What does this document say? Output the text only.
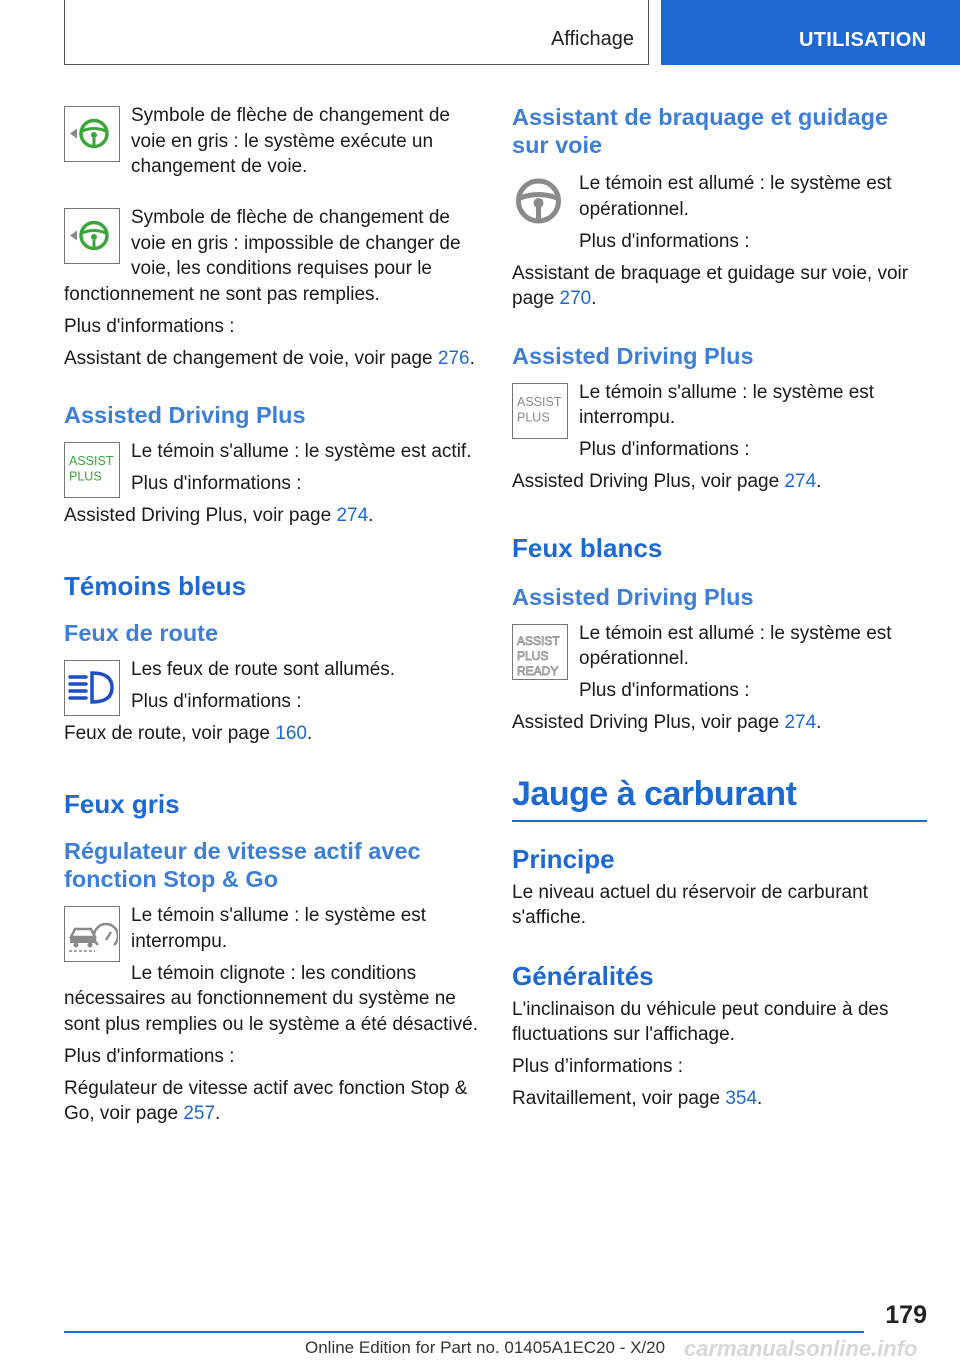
Affichage	UTILISATION

Symbole de flèche de changement de voie en gris : le système exécute un changement de voie.

Symbole de flèche de changement de voie en gris : impossible de changer de voie, les conditions requises pour le fonctionnement ne sont pas remplies.

Plus d'informations :

Assistant de changement de voie, voir page 276.

Assisted Driving Plus
ASSIST PLUS

Le témoin s'allume : le système est actif.

Plus d'informations :

Assisted Driving Plus, voir page 274.

Témoins bleus
Feux de route

Les feux de route sont allumés.

Plus d'informations :

Feux de route, voir page 160.

Feux gris
Régulateur de vitesse actif avec fonction Stop & Go

Le témoin s'allume : le système est interrompu.

Le témoin clignote : les conditions nécessaires au fonctionnement du système ne sont plus remplies ou le système a été désactivé.

Plus d'informations :

Régulateur de vitesse actif avec fonction Stop & Go, voir page 257.

Assistant de braquage et guidage sur voie

Le témoin est allumé : le système est opérationnel.

Plus d'informations :

Assistant de braquage et guidage sur voie, voir page 270.

Assisted Driving Plus
ASSIST PLUS

Le témoin s'allume : le système est interrompu.

Plus d'informations :

Assisted Driving Plus, voir page 274.

Feux blancs
Assisted Driving Plus
ASSIST PLUS READY

Le témoin est allumé : le système est opérationnel.

Plus d'informations :

Assisted Driving Plus, voir page 274.

Jauge à carburant
Principe

Le niveau actuel du réservoir de carburant s'affiche.

Généralités

L'inclinaison du véhicule peut conduire à des fluctuations sur l'affichage.

Plus d’informations :

Ravitaillement, voir page 354.

179
Online Edition for Part no. 01405A1EC20 - X/20 carmanualsonline.info
